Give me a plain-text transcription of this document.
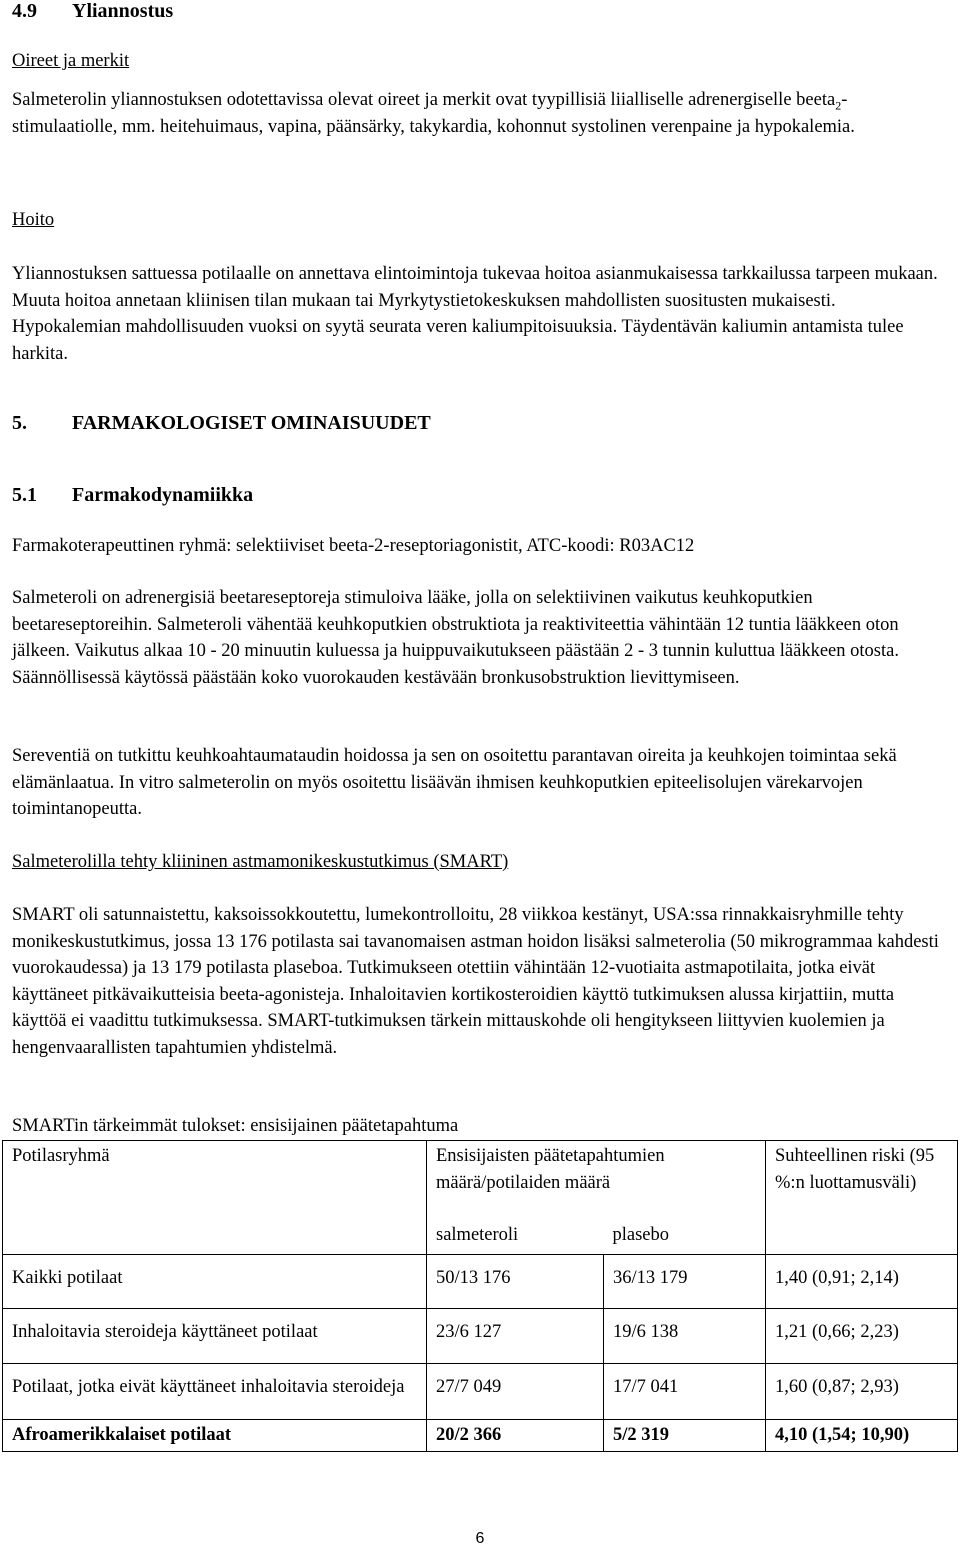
4.9 Yliannostus

Oireet ja merkit

Salmeterolin yliannostuksen odotettavissa olevat oireet ja merkit ovat tyypillisiä liialliselle adrenergiselle beeta$_2$-stimulaatiolle, mm. heitehuimaus, vapina, päänsärky, takykardia, kohonnut systolinen verenpaine ja hypokalemia.

Hoito

Yliannostuksen sattuessa potilaalle on annettava elintoimintoja tukevaa hoitoa asianmukaisessa tarkkailussa tarpeen mukaan. Muuta hoitoa annetaan kliinisen tilan mukaan tai Myrkytystietokeskuksen mahdollisten suositusten mukaisesti. Hypokalemian mahdollisuuden vuoksi on syytä seurata veren kaliumpitoisuuksia. Täydentävän kaliumin antamista tulee harkita.

5. FARMAKOLOGISET OMINAISUUDET
5.1 Farmakodynamiikka

Farmakoterapeuttinen ryhmä: selektiiviset beeta-2-reseptoriagonistit, ATC-koodi: R03AC12

Salmeteroli on adrenergisiä beetareseptoreja stimuloiva lääke, jolla on selektiivinen vaikutus keuhkoputkien beetareseptoreihin. Salmeteroli vähentää keuhkoputkien obstruktiota ja reaktiviteettia vähintään 12 tuntia lääkkeen oton jälkeen. Vaikutus alkaa 10 - 20 minuutin kuluessa ja huippuvaikutukseen päästään 2 - 3 tunnin kuluttua lääkkeen otosta. Säännöllisessä käytössä päästään koko vuorokauden kestävään bronkusobstruktion lievittymiseen.

Sereventiä on tutkittu keuhkoahtaumataudin hoidossa ja sen on osoitettu parantavan oireita ja keuhkojen toimintaa sekä elämänlaatua. In vitro salmeterolin on myös osoitettu lisäävän ihmisen keuhkoputkien epiteelisolujen värekarvojen toimintanopeutta.

Salmeterolilla tehty kliininen astmamonikeskustutkimus (SMART)

SMART oli satunnaistettu, kaksoissokkoutettu, lumekontrolloitu, 28 viikkoa kestänyt, USA:ssa rinnakkaisryhmille tehty monikeskustutkimus, jossa 13 176 potilasta sai tavanomaisen astman hoidon lisäksi salmeterolia (50 mikrogrammaa kahdesti vuorokaudessa) ja 13 179 potilasta plaseboa. Tutkimukseen otettiin vähintään 12-vuotiaita astmapotilaita, jotka eivät käyttäneet pitkävaikutteisia beeta-agonisteja. Inhaloitavien kortikosteroidien käyttö tutkimuksen alussa kirjattiin, mutta käyttöä ei vaadittu tutkimuksessa. SMART-tutkimuksen tärkein mittauskohde oli hengitykseen liittyvien kuolemien ja hengenvaarallisten tapahtumien yhdistelmä.

SMARTin tärkeimmät tulokset: ensisijainen päätetapahtuma

Potilasryhmä	Ensisijaisten päätetapahtumien määrä/potilaiden määrä		Suhteellinen riski (95 %:n luottamusväli)
	salmeteroli	plasebo	
Kaikki potilaat	50/13 176	36/13 179	1,40 (0,91; 2,14)
Inhaloitavia steroideja käyttäneet potilaat	23/6 127	19/6 138	1,21 (0,66; 2,23)
Potilaat, jotka eivät käyttäneet inhaloitavia steroideja	27/7 049	17/7 041	1,60 (0,87; 2,93)
Afroamerikkalaiset potilaat	20/2 366	5/2 319	4,10 (1,54; 10,90)
6
